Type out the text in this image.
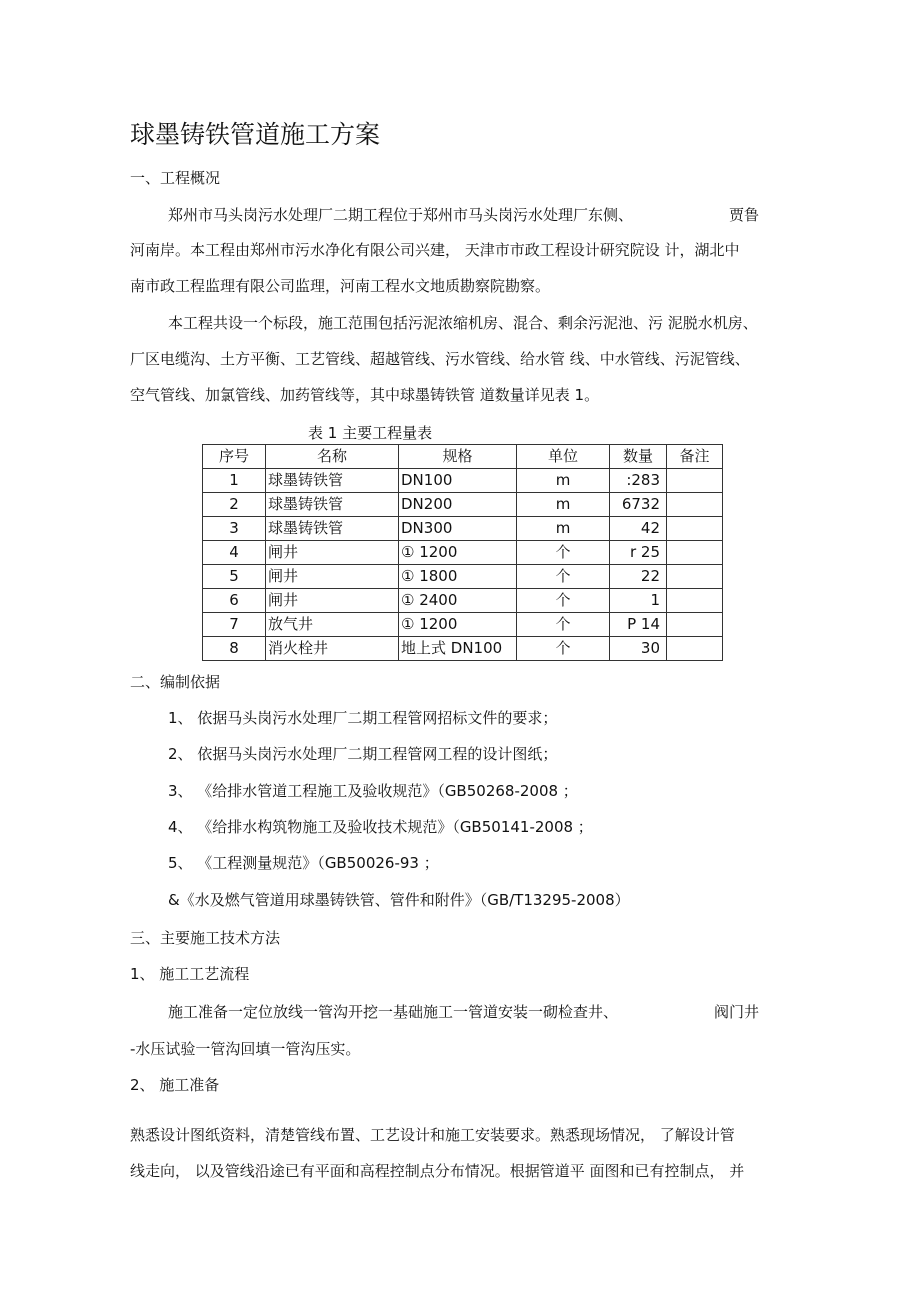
球墨铸铁管道施工方案
一、工程概况
郑州市马头岗污水处理厂二期工程位于郑州市马头岗污水处理厂东侧、	贾鲁
河南岸。本工程由郑州市污水净化有限公司兴建， 天津市市政工程设计研究院设 计，湖北中
南市政工程监理有限公司监理，河南工程水文地质勘察院勘察。
本工程共设一个标段，施工范围包括污泥浓缩机房、混合、剩余污泥池、污 泥脱水机房、
厂区电缆沟、土方平衡、工艺管线、超越管线、污水管线、给水管 线、中水管线、污泥管线、
空气管线、加氯管线、加药管线等，其中球墨铸铁管 道数量详见表 1。
表 1 主要工程量表
序号	名称	规格	单位	数量	备注
1	球墨铸铁管	DN100	m	:283	
2	球墨铸铁管	DN200	m	6732	
3	球墨铸铁管	DN300	m	42	
4	闸井	① 1200	个	r 25	
5	闸井	① 1800	个	22	
6	闸井	① 2400	个	1	
7	放气井	① 1200	个	P 14	
8	消火栓井	地上式 DN100	个	30	
二、编制依据
1、 依据马头岗污水处理厂二期工程管网招标文件的要求；
2、 依据马头岗污水处理厂二期工程管网工程的设计图纸；
3、 《给排水管道工程施工及验收规范》（GB50268-2008 ；
4、 《给排水构筑物施工及验收技术规范》（GB50141-2008 ；
5、 《工程测量规范》（GB50026-93 ；
&《水及燃气管道用球墨铸铁管、管件和附件》（GB/T13295-2008）
三、主要施工技术方法
1、 施工工艺流程
施工准备一定位放线一管沟开挖一基础施工一管道安装一砌检查井、	阀门井
-水压试验一管沟回填一管沟压实。
2、 施工准备
熟悉设计图纸资料，清楚管线布置、工艺设计和施工安装要求。熟悉现场情况， 了解设计管
线走向， 以及管线沿途已有平面和高程控制点分布情况。根据管道平 面图和已有控制点， 并
